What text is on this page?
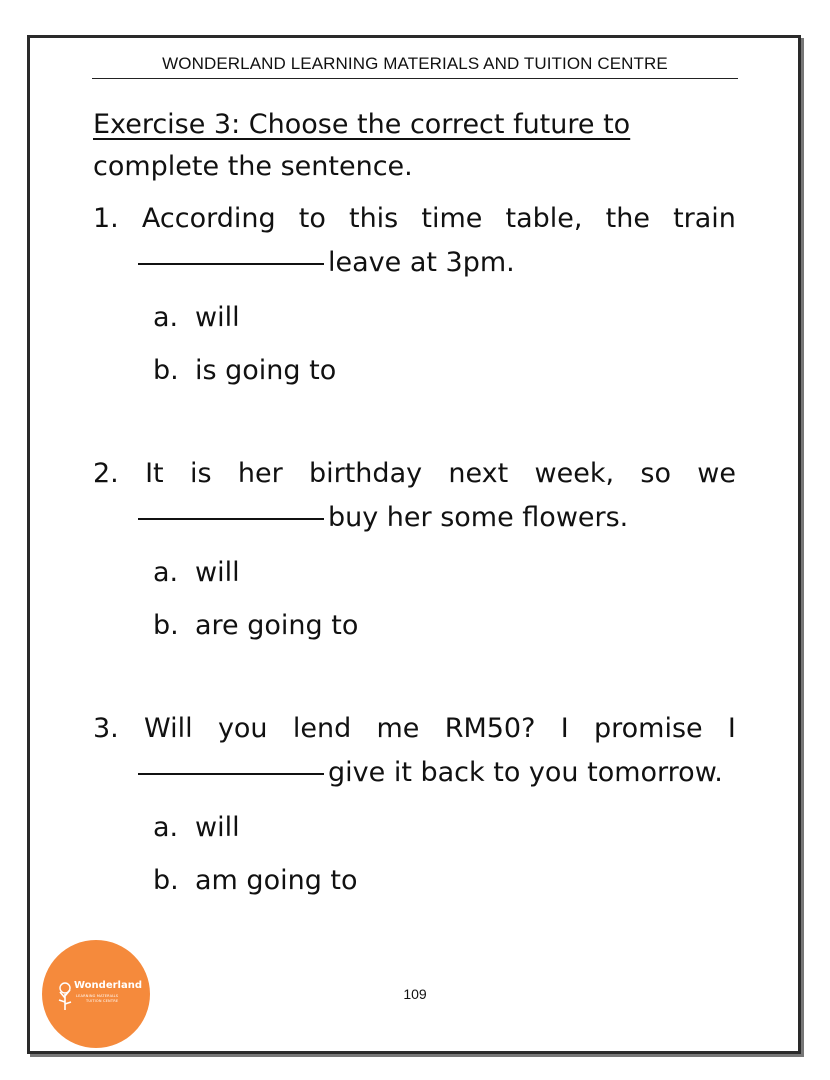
WONDERLAND LEARNING MATERIALS AND TUITION CENTRE
Exercise 3: Choose the correct future to
complete the sentence.
1. According to this time table, the train
leave at 3pm.
a. will
b. is going to
2. It is her birthday next week, so we
buy her some flowers.
a. will
b. are going to
3. Will you lend me RM50? I promise I
give it back to you tomorrow.
a. will
b. am going to
Wonderland
LEARNING MATERIALS
TUITION CENTRE	109
